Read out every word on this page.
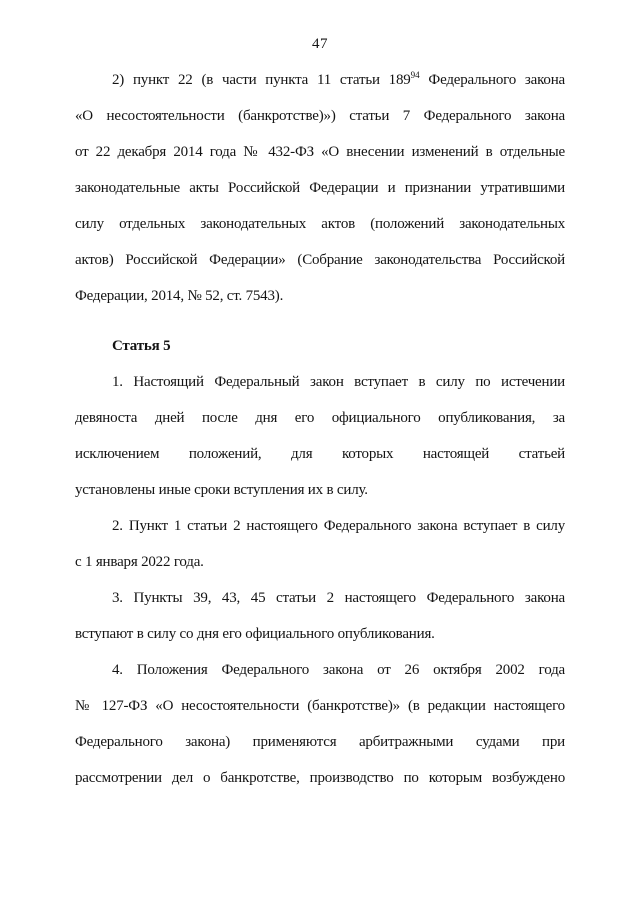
47
2) пункт 22 (в части пункта 11 статьи 189$^{94}$ Федерального закона
«О несостоятельности (банкротстве)») статьи 7 Федерального закона
от 22 декабря 2014 года № 432-ФЗ «О внесении изменений в отдельные
законодательные акты Российской Федерации и признании утратившими
силу отдельных законодательных актов (положений законодательных
актов) Российской Федерации» (Собрание законодательства Российской
Федерации, 2014, № 52, ст. 7543).
Статья 5
1. Настоящий Федеральный закон вступает в силу по истечении
девяноста дней после дня его официального опубликования, за
исключением положений, для которых настоящей статьей
установлены иные сроки вступления их в силу.
2. Пункт 1 статьи 2 настоящего Федерального закона вступает в силу
с 1 января 2022 года.
3. Пункты 39, 43, 45 статьи 2 настоящего Федерального закона
вступают в силу со дня его официального опубликования.
4. Положения Федерального закона от 26 октября 2002 года
№ 127-ФЗ «О несостоятельности (банкротстве)» (в редакции настоящего
Федерального закона) применяются арбитражными судами при
рассмотрении дел о банкротстве, производство по которым возбуждено
